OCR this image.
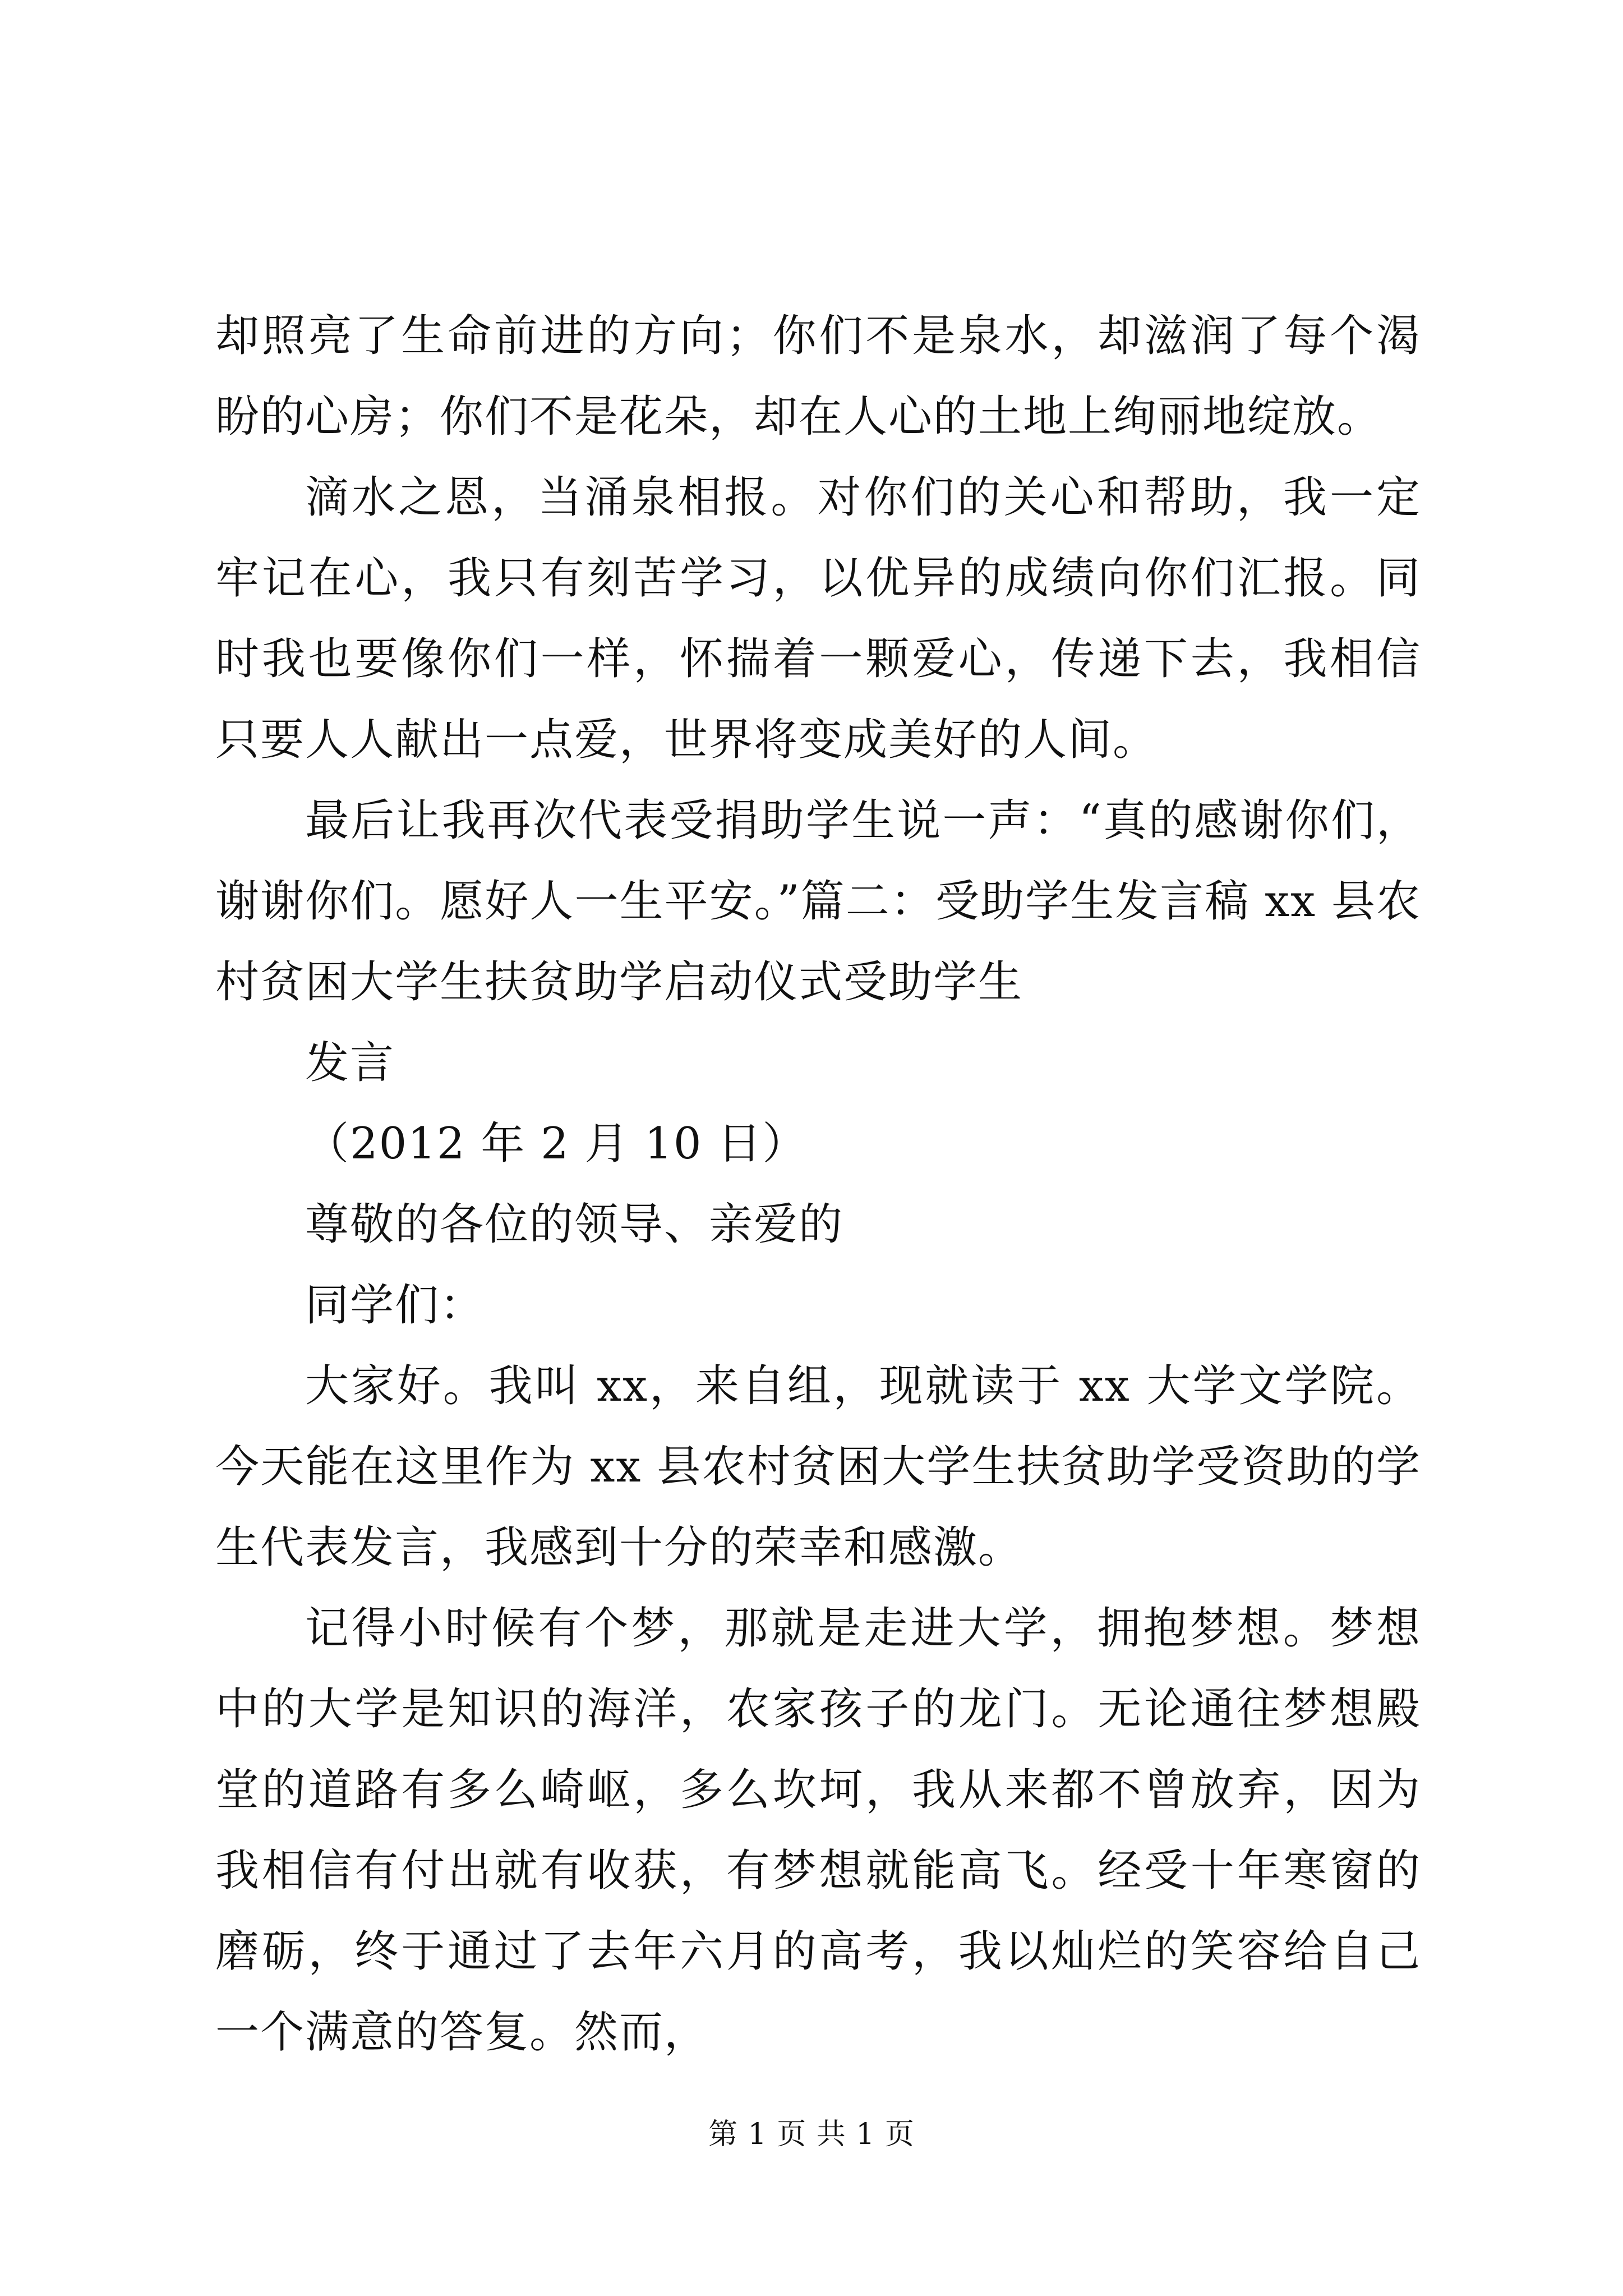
却照亮了生命前进的方向；你们不是泉水，却滋润了每个渴盼的心房；你们不是花朵，却在人心的土地上绚丽地绽放。

滴水之恩，当涌泉相报。对你们的关心和帮助，我一定牢记在心，我只有刻苦学习，以优异的成绩向你们汇报。同时我也要像你们一样，怀揣着一颗爱心，传递下去，我相信只要人人献出一点爱，世界将变成美好的人间。

最后让我再次代表受捐助学生说一声：“真的感谢你们，谢谢你们。愿好人一生平安。”篇二：受助学生发言稿 xx 县农村贫困大学生扶贫助学启动仪式受助学生

发言

（2012 年 2 月 10 日）

尊敬的各位的领导、亲爱的

同学们：

大家好。我叫 xx，来自组，现就读于 xx 大学文学院。今天能在这里作为 xx 县农村贫困大学生扶贫助学受资助的学生代表发言，我感到十分的荣幸和感激。

记得小时候有个梦，那就是走进大学，拥抱梦想。梦想中的大学是知识的海洋，农家孩子的龙门。无论通往梦想殿堂的道路有多么崎岖，多么坎坷，我从来都不曾放弃，因为我相信有付出就有收获，有梦想就能高飞。经受十年寒窗的磨砺，终于通过了去年六月的高考，我以灿烂的笑容给自己一个满意的答复。然而，

第 1 页 共 1 页
